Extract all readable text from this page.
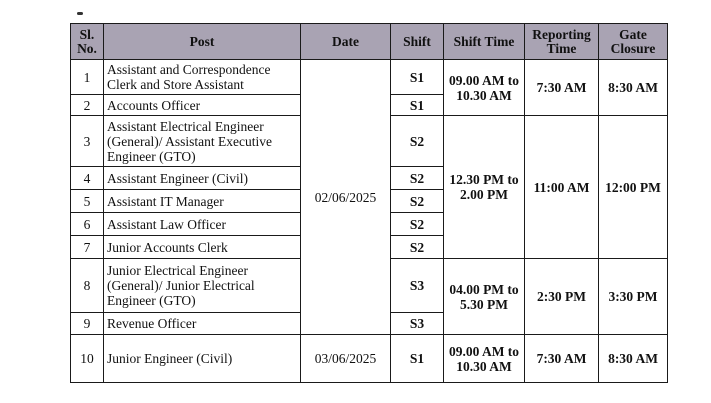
Sl. No.	Post	Date	Shift	Shift Time	Reporting Time	Gate Closure
1	Assistant and Correspondence Clerk and Store Assistant	02/06/2025	S1	09.00 AM to 10.30 AM	7:30 AM	8:30 AM
2	Accounts Officer		S1			
3	Assistant Electrical Engineer (General)/ Assistant Executive Engineer (GTO)		S2	12.30 PM to 2.00 PM	11:00 AM	12:00 PM
4	Assistant Engineer (Civil)		S2			
5	Assistant IT Manager		S2			
6	Assistant Law Officer		S2			
7	Junior Accounts Clerk		S2			
8	Junior Electrical Engineer (General)/ Junior Electrical Engineer (GTO)		S3	04.00 PM to 5.30 PM	2:30 PM	3:30 PM
9	Revenue Officer		S3			
10	Junior Engineer (Civil)	03/06/2025	S1	09.00 AM to 10.30 AM	7:30 AM	8:30 AM
